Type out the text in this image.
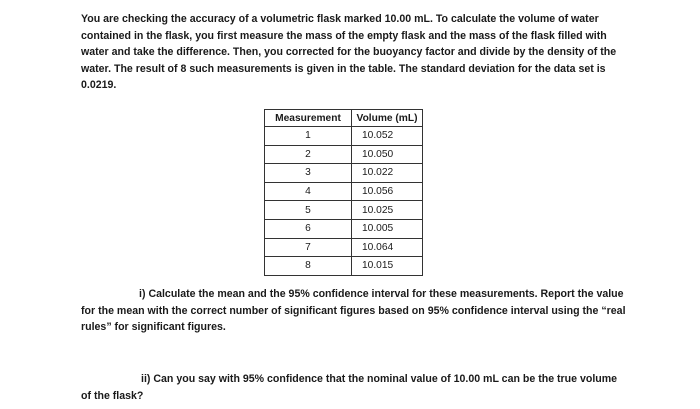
You are checking the accuracy of a volumetric flask marked 10.00 mL. To calculate the volume of water contained in the flask, you first measure the mass of the empty flask and the mass of the flask filled with water and take the difference. Then, you corrected for the buoyancy factor and divide by the density of the water. The result of 8 such measurements is given in the table. The standard deviation for the data set is 0.0219.

Measurement	Volume (mL)
1	10.052
2	10.050
3	10.022
4	10.056
5	10.025
6	10.005
7	10.064
8	10.015

i) Calculate the mean and the 95% confidence interval for these measurements. Report the value for the mean with the correct number of significant figures based on 95% confidence interval using the “real rules” for significant figures.

ii) Can you say with 95% confidence that the nominal value of 10.00 mL can be the true volume of the flask?
